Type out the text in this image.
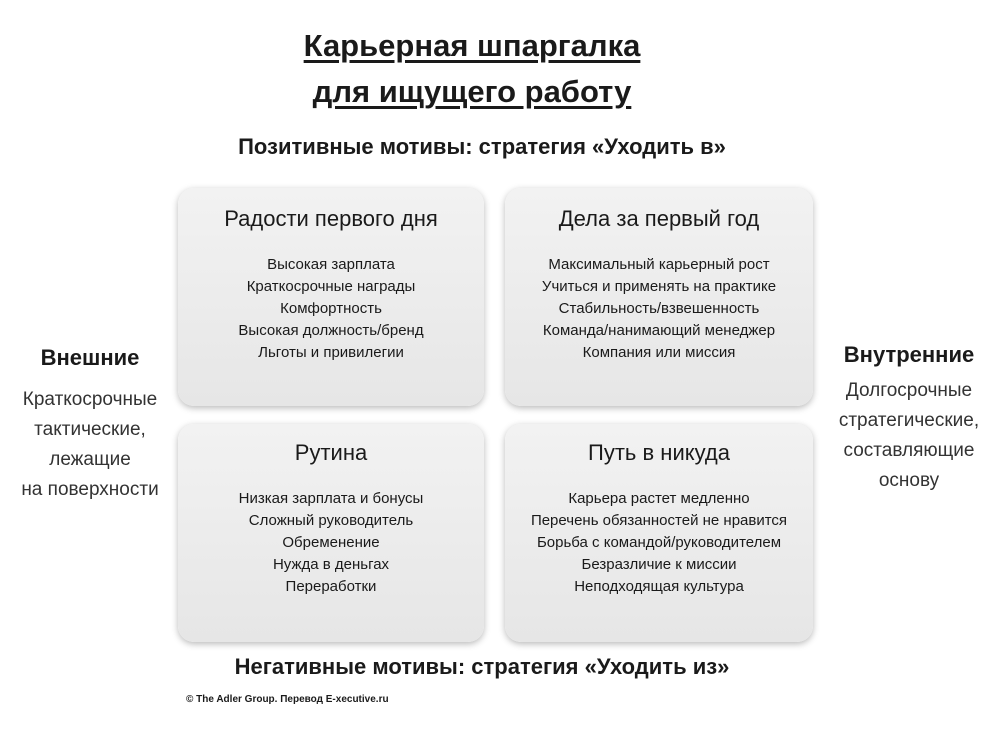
Карьерная шпаргалка
для ищущего работу
Позитивные мотивы: стратегия «Уходить в»
Внешние
Краткосрочные
тактические,
лежащие
на поверхности
Внутренние
Долгосрочные
стратегические,
составляющие
основу
Радости первого дня
Высокая зарплата
Краткосрочные награды
Комфортность
Высокая должность/бренд
Льготы и привилегии
Дела за первый год
Максимальный карьерный рост
Учиться и применять на практике
Стабильность/взвешенность
Команда/нанимающий менеджер
Компания или миссия
Рутина
Низкая зарплата и бонусы
Сложный руководитель
Обременение
Нужда в деньгах
Переработки
Путь в никуда
Карьера растет медленно
Перечень обязанностей не нравится
Борьба с командой/руководителем
Безразличие к миссии
Неподходящая культура
Негативные мотивы: стратегия «Уходить из»
© The Adler Group. Перевод E-xecutive.ru
